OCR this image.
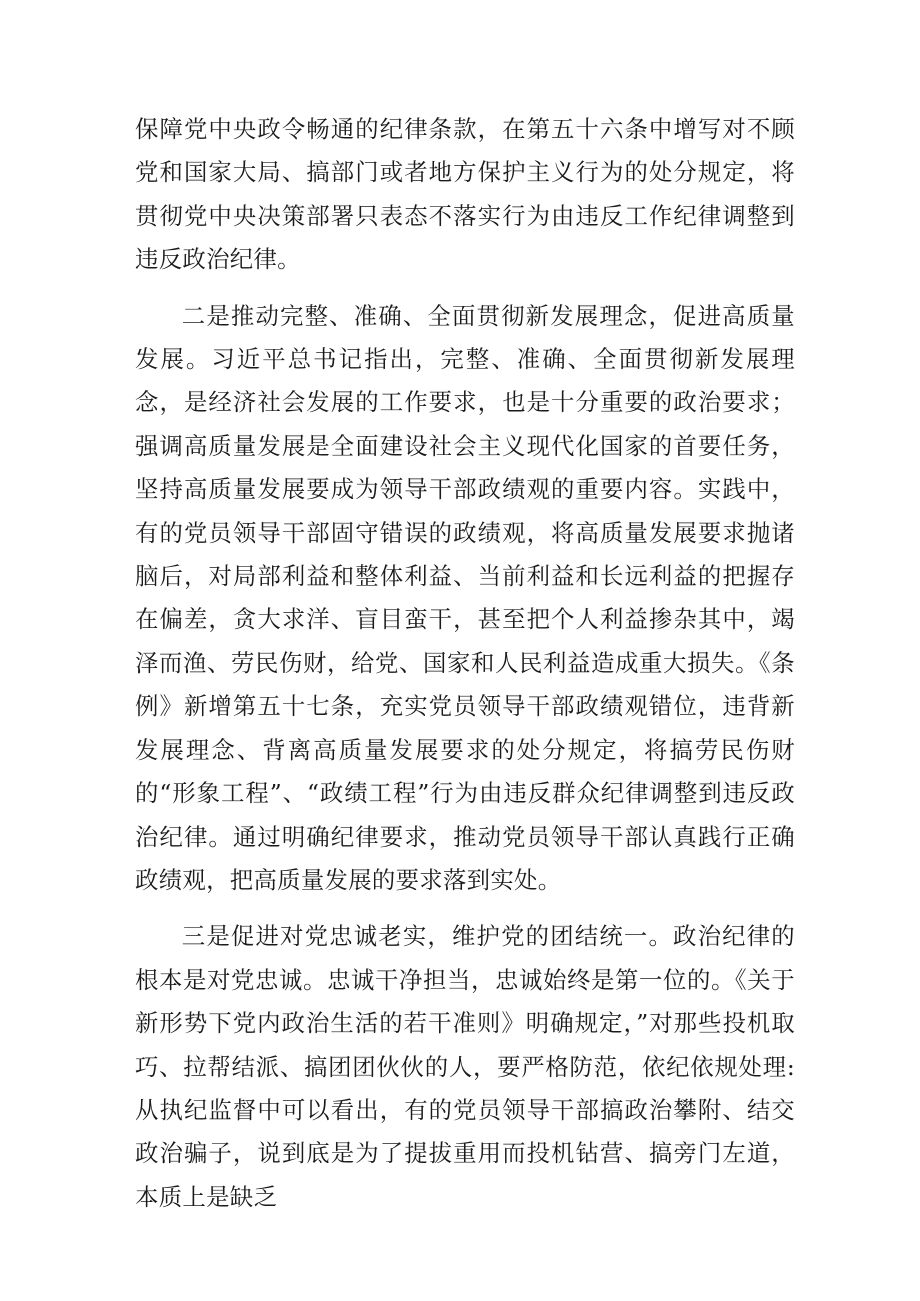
保障党中央政令畅通的纪律条款，在第五十六条中增写对不顾党和国家大局、搞部门或者地方保护主义行为的处分规定，将贯彻党中央决策部署只表态不落实行为由违反工作纪律调整到违反政治纪律。

二是推动完整、准确、全面贯彻新发展理念，促进高质量发展。习近平总书记指出，完整、准确、全面贯彻新发展理念，是经济社会发展的工作要求，也是十分重要的政治要求；强调高质量发展是全面建设社会主义现代化国家的首要任务，坚持高质量发展要成为领导干部政绩观的重要内容。实践中，有的党员领导干部固守错误的政绩观，将高质量发展要求抛诸脑后，对局部利益和整体利益、当前利益和长远利益的把握存在偏差，贪大求洋、盲目蛮干，甚至把个人利益掺杂其中，竭泽而渔、劳民伤财，给党、国家和人民利益造成重大损失。《条例》新增第五十七条，充实党员领导干部政绩观错位，违背新发展理念、背离高质量发展要求的处分规定，将搞劳民伤财的“形象工程”、“政绩工程”行为由违反群众纪律调整到违反政治纪律。通过明确纪律要求，推动党员领导干部认真践行正确政绩观，把高质量发展的要求落到实处。

三是促进对党忠诚老实，维护党的团结统一。政治纪律的根本是对党忠诚。忠诚干净担当，忠诚始终是第一位的。《关于新形势下党内政治生活的若干准则》明确规定，”对那些投机取巧、拉帮结派、搞团团伙伙的人，要严格防范，依纪依规处理:从执纪监督中可以看出，有的党员领导干部搞政治攀附、结交政治骗子，说到底是为了提拔重用而投机钻营、搞旁门左道，本质上是缺乏
